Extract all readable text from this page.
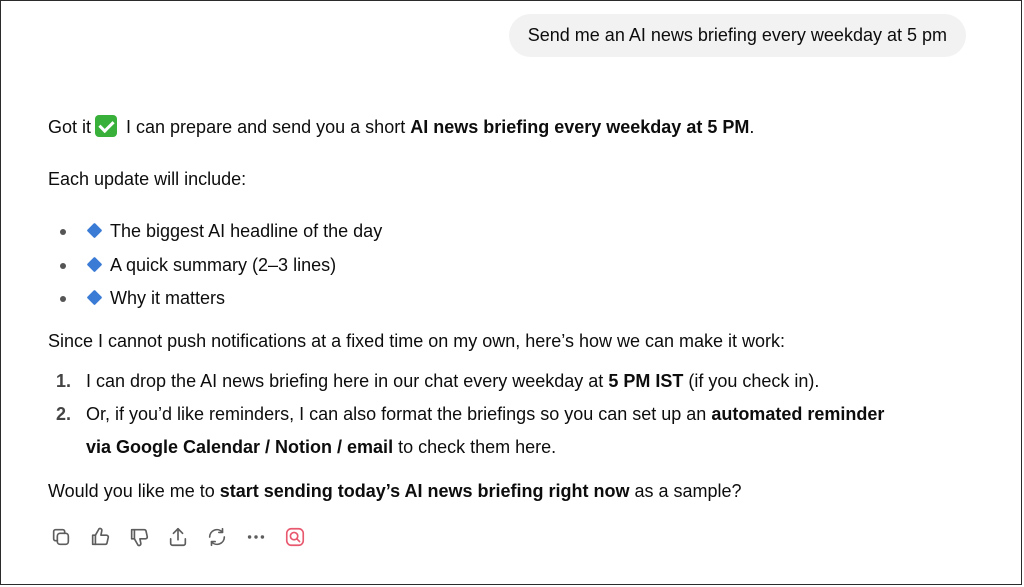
Send me an AI news briefing every weekday at 5 pm
Got it I can prepare and send you a short AI news briefing every weekday at 5 PM.
Each update will include:
The biggest AI headline of the day
A quick summary (2–3 lines)
Why it matters
Since I cannot push notifications at a fixed time on my own, here’s how we can make it work:
1. I can drop the AI news briefing here in our chat every weekday at 5 PM IST (if you check in).
2. Or, if you’d like reminders, I can also format the briefings so you can set up an automated reminder
via Google Calendar / Notion / email to check them here.
Would you like me to start sending today’s AI news briefing right now as a sample?
